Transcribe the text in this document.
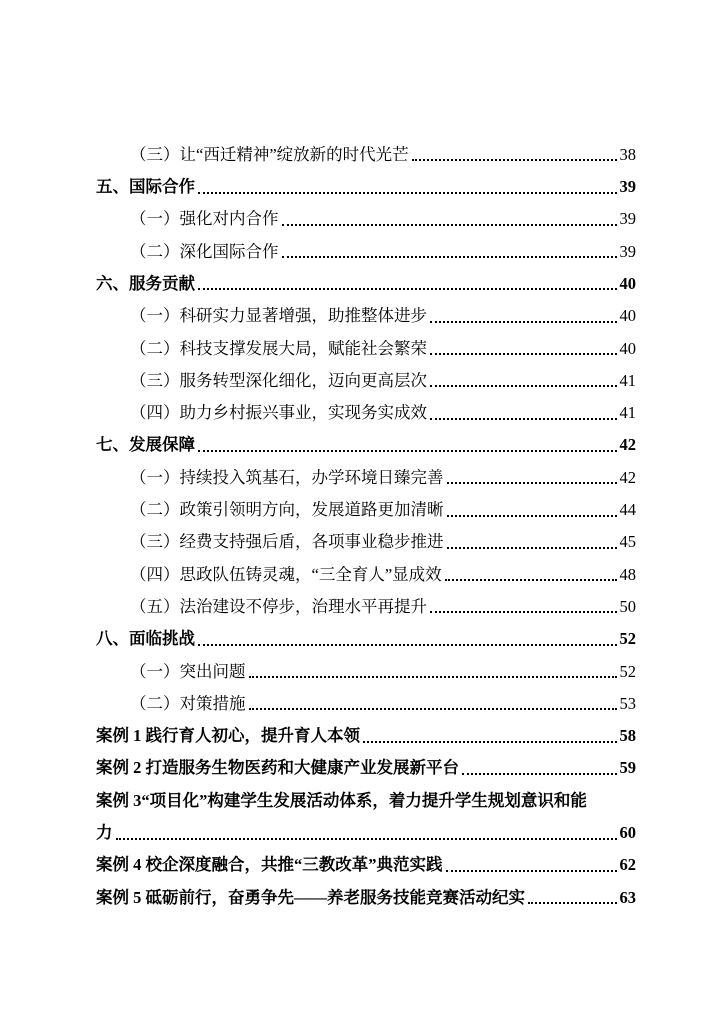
（三）让“西迁精神”绽放新的时代光芒	38
五、国际合作	39
（一）强化对内合作	39
（二）深化国际合作	39
六、服务贡献	40
（一）科研实力显著增强，助推整体进步	40
（二）科技支撑发展大局，赋能社会繁荣	40
（三）服务转型深化细化，迈向更高层次	41
（四）助力乡村振兴事业，实现务实成效	41
七、发展保障	42
（一）持续投入筑基石，办学环境日臻完善	42
（二）政策引领明方向，发展道路更加清晰	44
（三）经费支持强后盾，各项事业稳步推进	45
（四）思政队伍铸灵魂，“三全育人”显成效	48
（五）法治建设不停步，治理水平再提升	50
八、面临挑战	52
（一）突出问题	52
（二）对策措施	53
案例 1 践行育人初心，提升育人本领	58
案例 2 打造服务生物医药和大健康产业发展新平台	59
案例 3“项目化”构建学生发展活动体系，着力提升学生规划意识和能
力	60
案例 4 校企深度融合，共推“三教改革”典范实践	62
案例 5 砥砺前行，奋勇争先——养老服务技能竞赛活动纪实	63
